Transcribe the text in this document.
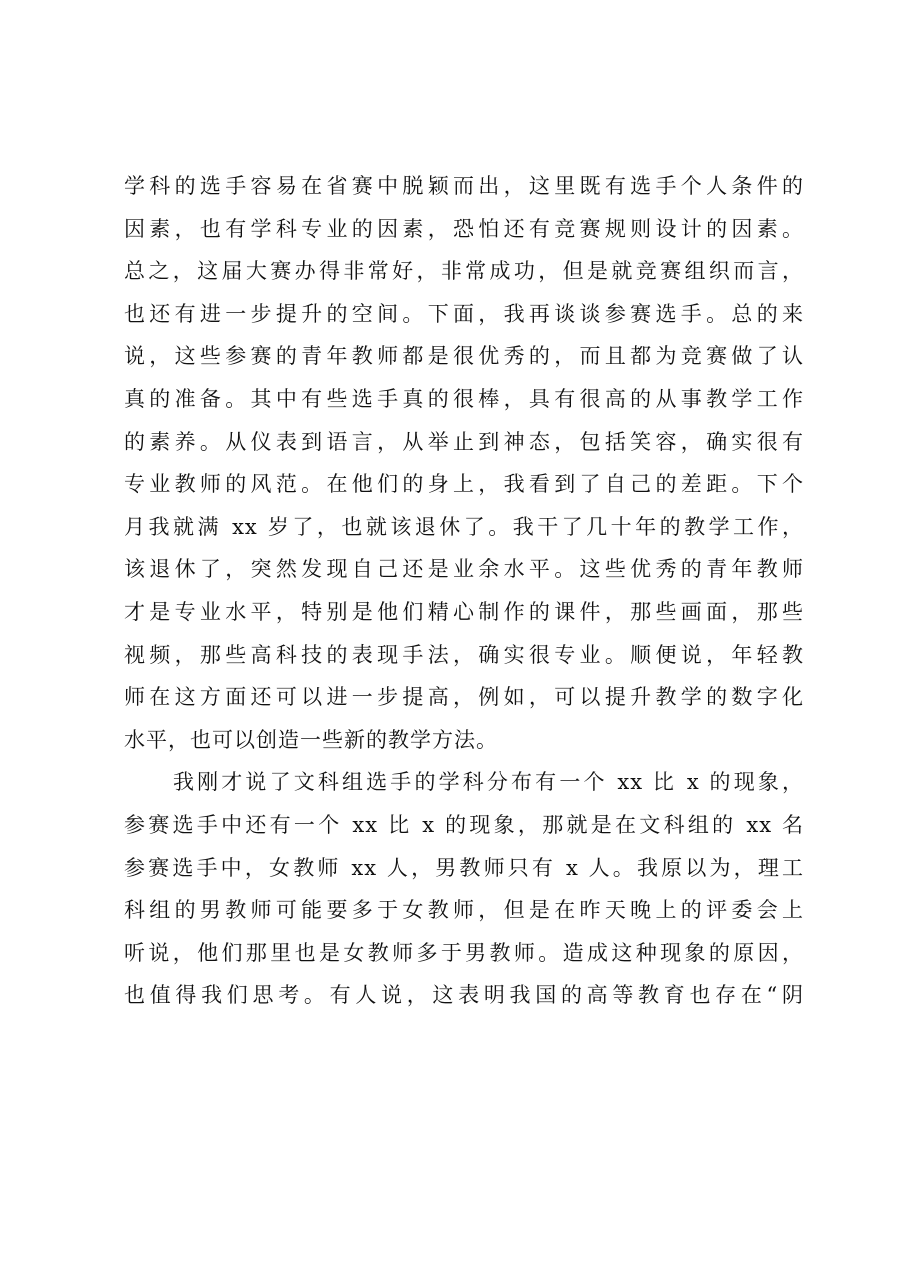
学科的选手容易在省赛中脱颖而出，这里既有选手个人条件的
因素，也有学科专业的因素，恐怕还有竞赛规则设计的因素。
总之，这届大赛办得非常好，非常成功，但是就竞赛组织而言，
也还有进一步提升的空间。下面，我再谈谈参赛选手。总的来
说，这些参赛的青年教师都是很优秀的，而且都为竞赛做了认
真的准备。其中有些选手真的很棒，具有很高的从事教学工作
的素养。从仪表到语言，从举止到神态，包括笑容，确实很有
专业教师的风范。在他们的身上，我看到了自己的差距。下个
月我就满 xx 岁了，也就该退休了。我干了几十年的教学工作，
该退休了，突然发现自己还是业余水平。这些优秀的青年教师
才是专业水平，特别是他们精心制作的课件，那些画面，那些
视频，那些高科技的表现手法，确实很专业。顺便说，年轻教
师在这方面还可以进一步提高，例如，可以提升教学的数字化
水平，也可以创造一些新的教学方法。
我刚才说了文科组选手的学科分布有一个 xx 比 x 的现象，
参赛选手中还有一个 xx 比 x 的现象，那就是在文科组的 xx 名
参赛选手中，女教师 xx 人，男教师只有 x 人。我原以为，理工
科组的男教师可能要多于女教师，但是在昨天晚上的评委会上
听说，他们那里也是女教师多于男教师。造成这种现象的原因，
也值得我们思考。有人说，这表明我国的高等教育也存在“阴
